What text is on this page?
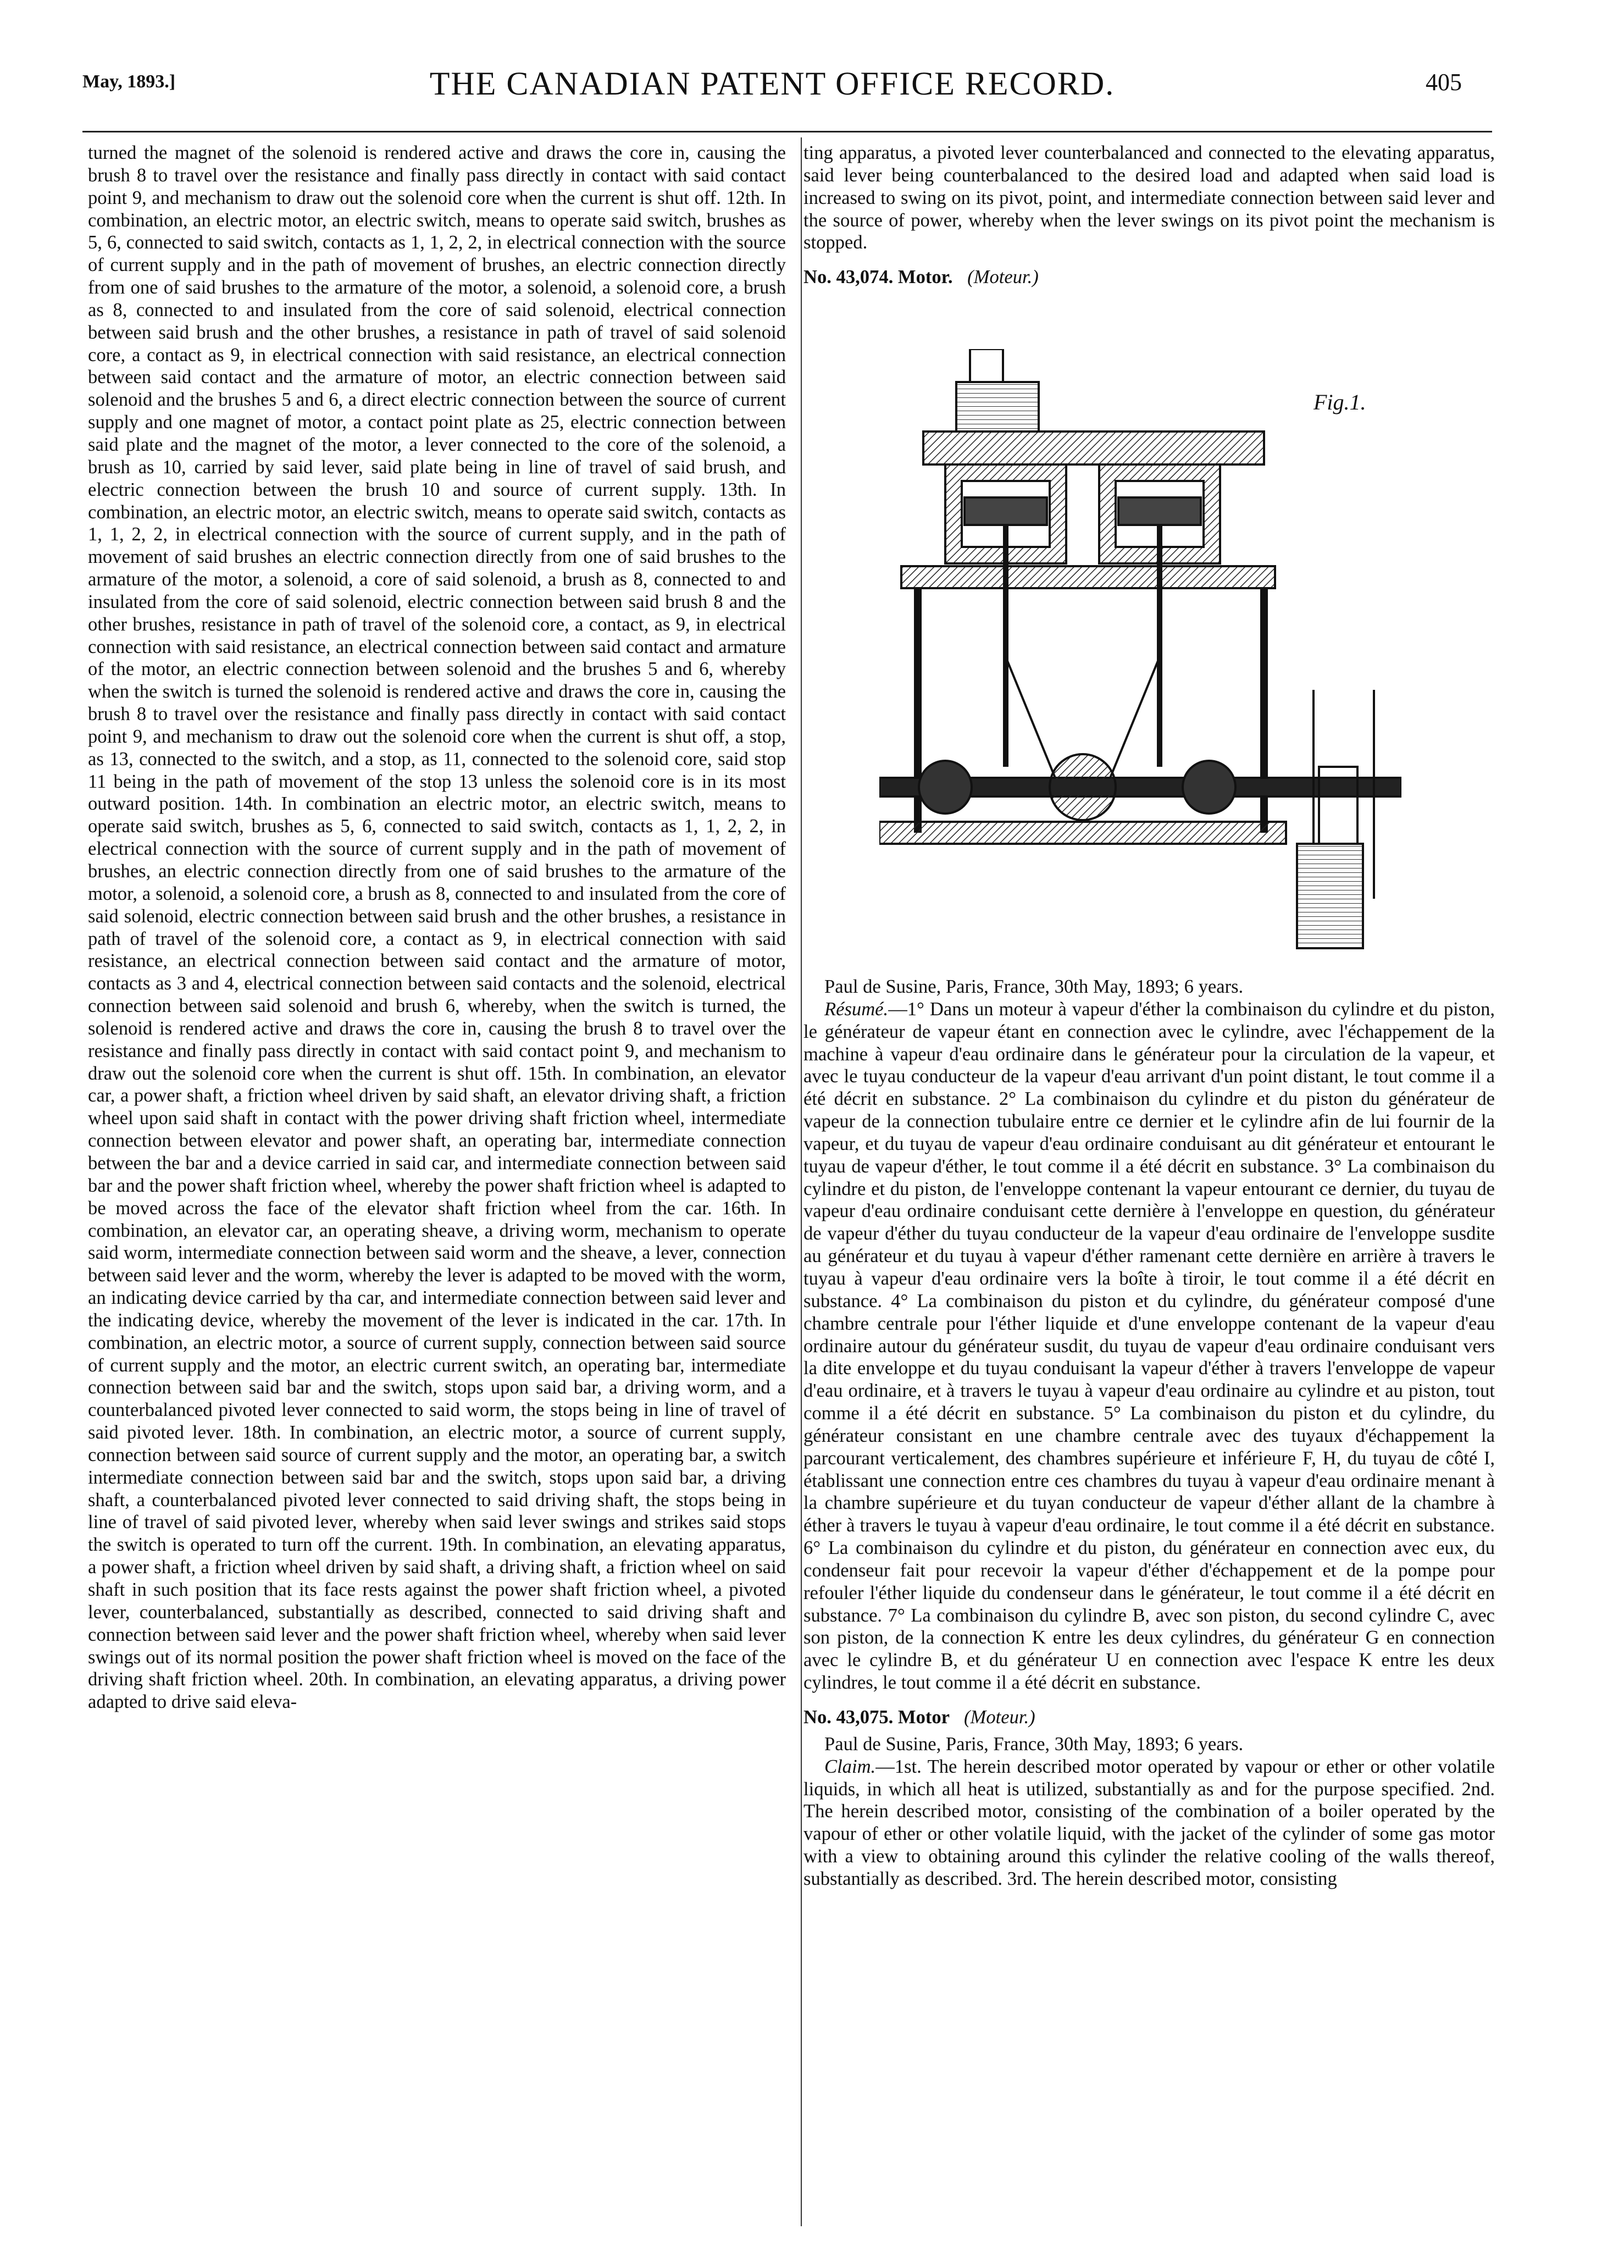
May, 1893.]	THE CANADIAN PATENT OFFICE RECORD.	405

turned the magnet of the solenoid is rendered active and draws the core in, causing the brush 8 to travel over the resistance and finally pass directly in contact with said contact point 9, and mechanism to draw out the solenoid core when the current is shut off. 12th. In combination, an electric motor, an electric switch, means to operate said switch, brushes as 5, 6, connected to said switch, contacts as 1, 1, 2, 2, in electrical connection with the source of current supply and in the path of movement of brushes, an electric connection directly from one of said brushes to the armature of the motor, a solenoid, a solenoid core, a brush as 8, connected to and insulated from the core of said solenoid, electrical connection between said brush and the other brushes, a resistance in path of travel of said solenoid core, a contact as 9, in electrical connection with said resistance, an electrical connection between said contact and the armature of motor, an electric connection between said solenoid and the brushes 5 and 6, a direct electric connection between the source of current supply and one magnet of motor, a contact point plate as 25, electric connection between said plate and the magnet of the motor, a lever connected to the core of the solenoid, a brush as 10, carried by said lever, said plate being in line of travel of said brush, and electric connection between the brush 10 and source of current supply. 13th. In combination, an electric motor, an electric switch, means to operate said switch, contacts as 1, 1, 2, 2, in electrical connection with the source of current supply, and in the path of movement of said brushes an electric connection directly from one of said brushes to the armature of the motor, a solenoid, a core of said solenoid, a brush as 8, connected to and insulated from the core of said solenoid, electric connection between said brush 8 and the other brushes, resistance in path of travel of the solenoid core, a contact, as 9, in electrical connection with said resistance, an electrical connection between said contact and armature of the motor, an electric connection between solenoid and the brushes 5 and 6, whereby when the switch is turned the solenoid is rendered active and draws the core in, causing the brush 8 to travel over the resistance and finally pass directly in contact with said contact point 9, and mechanism to draw out the solenoid core when the current is shut off, a stop, as 13, connected to the switch, and a stop, as 11, connected to the solenoid core, said stop 11 being in the path of movement of the stop 13 unless the solenoid core is in its most outward position. 14th. In combination an electric motor, an electric switch, means to operate said switch, brushes as 5, 6, connected to said switch, contacts as 1, 1, 2, 2, in electrical connection with the source of current supply and in the path of movement of brushes, an electric connection directly from one of said brushes to the armature of the motor, a solenoid, a solenoid core, a brush as 8, connected to and insulated from the core of said solenoid, electric connection between said brush and the other brushes, a resistance in path of travel of the solenoid core, a contact as 9, in electrical connection with said resistance, an electrical connection between said contact and the armature of motor, contacts as 3 and 4, electrical connection between said contacts and the solenoid, electrical connection between said solenoid and brush 6, whereby, when the switch is turned, the solenoid is rendered active and draws the core in, causing the brush 8 to travel over the resistance and finally pass directly in contact with said contact point 9, and mechanism to draw out the solenoid core when the current is shut off. 15th. In combination, an elevator car, a power shaft, a friction wheel driven by said shaft, an elevator driving shaft, a friction wheel upon said shaft in contact with the power driving shaft friction wheel, intermediate connection between elevator and power shaft, an operating bar, intermediate connection between the bar and a device carried in said car, and intermediate connection between said bar and the power shaft friction wheel, whereby the power shaft friction wheel is adapted to be moved across the face of the elevator shaft friction wheel from the car. 16th. In combination, an elevator car, an operating sheave, a driving worm, mechanism to operate said worm, intermediate connection between said worm and the sheave, a lever, connection between said lever and the worm, whereby the lever is adapted to be moved with the worm, an indicating device carried by tha car, and intermediate connection between said lever and the indicating device, whereby the movement of the lever is indicated in the car. 17th. In combination, an electric motor, a source of current supply, connection between said source of current supply and the motor, an electric current switch, an operating bar, intermediate connection between said bar and the switch, stops upon said bar, a driving worm, and a counterbalanced pivoted lever connected to said worm, the stops being in line of travel of said pivoted lever. 18th. In combination, an electric motor, a source of current supply, connection between said source of current supply and the motor, an operating bar, a switch intermediate connection between said bar and the switch, stops upon said bar, a driving shaft, a counterbalanced pivoted lever connected to said driving shaft, the stops being in line of travel of said pivoted lever, whereby when said lever swings and strikes said stops the switch is operated to turn off the current. 19th. In combination, an elevating apparatus, a power shaft, a friction wheel driven by said shaft, a driving shaft, a friction wheel on said shaft in such position that its face rests against the power shaft friction wheel, a pivoted lever, counterbalanced, substantially as described, connected to said driving shaft and connection between said lever and the power shaft friction wheel, whereby when said lever swings out of its normal position the power shaft friction wheel is moved on the face of the driving shaft friction wheel. 20th. In combination, an elevating apparatus, a driving power adapted to drive said eleva-

ting apparatus, a pivoted lever counterbalanced and connected to the elevating apparatus, said lever being counterbalanced to the desired load and adapted when said load is increased to swing on its pivot, point, and intermediate connection between said lever and the source of power, whereby when the lever swings on its pivot point the mechanism is stopped.

No. 43,074. Motor. (Moteur.)

Fig.1.

Paul de Susine, Paris, France, 30th May, 1893; 6 years.

Résumé.—1° Dans un moteur à vapeur d'éther la combinaison du cylindre et du piston, le générateur de vapeur étant en connection avec le cylindre, avec l'échappement de la machine à vapeur d'eau ordinaire dans le générateur pour la circulation de la vapeur, et avec le tuyau conducteur de la vapeur d'eau arrivant d'un point distant, le tout comme il a été décrit en substance. 2° La combinaison du cylindre et du piston du générateur de vapeur de la connection tubulaire entre ce dernier et le cylindre afin de lui fournir de la vapeur, et du tuyau de vapeur d'eau ordinaire conduisant au dit générateur et entourant le tuyau de vapeur d'éther, le tout comme il a été décrit en substance. 3° La combinaison du cylindre et du piston, de l'enveloppe contenant la vapeur entourant ce dernier, du tuyau de vapeur d'eau ordinaire conduisant cette dernière à l'enveloppe en question, du générateur de vapeur d'éther du tuyau conducteur de la vapeur d'eau ordinaire de l'enveloppe susdite au générateur et du tuyau à vapeur d'éther ramenant cette dernière en arrière à travers le tuyau à vapeur d'eau ordinaire vers la boîte à tiroir, le tout comme il a été décrit en substance. 4° La combinaison du piston et du cylindre, du générateur composé d'une chambre centrale pour l'éther liquide et d'une enveloppe contenant de la vapeur d'eau ordinaire autour du générateur susdit, du tuyau de vapeur d'eau ordinaire conduisant vers la dite enveloppe et du tuyau conduisant la vapeur d'éther à travers l'enveloppe de vapeur d'eau ordinaire, et à travers le tuyau à vapeur d'eau ordinaire au cylindre et au piston, tout comme il a été décrit en substance. 5° La combinaison du piston et du cylindre, du générateur consistant en une chambre centrale avec des tuyaux d'échappement la parcourant verticalement, des chambres supérieure et inférieure F, H, du tuyau de côté I, établissant une connection entre ces chambres du tuyau à vapeur d'eau ordinaire menant à la chambre supérieure et du tuyan conducteur de vapeur d'éther allant de la chambre à éther à travers le tuyau à vapeur d'eau ordinaire, le tout comme il a été décrit en substance. 6° La combinaison du cylindre et du piston, du générateur en connection avec eux, du condenseur fait pour recevoir la vapeur d'éther d'échappement et de la pompe pour refouler l'éther liquide du condenseur dans le générateur, le tout comme il a été décrit en substance. 7° La combinaison du cylindre B, avec son piston, du second cylindre C, avec son piston, de la connection K entre les deux cylindres, du générateur G en connection avec le cylindre B, et du générateur U en connection avec l'espace K entre les deux cylindres, le tout comme il a été décrit en substance.

No. 43,075. Motor (Moteur.)

Paul de Susine, Paris, France, 30th May, 1893; 6 years.

Claim.—1st. The herein described motor operated by vapour or ether or other volatile liquids, in which all heat is utilized, substantially as and for the purpose specified. 2nd. The herein described motor, consisting of the combination of a boiler operated by the vapour of ether or other volatile liquid, with the jacket of the cylinder of some gas motor with a view to obtaining around this cylinder the relative cooling of the walls thereof, substantially as described. 3rd. The herein described motor, consisting
